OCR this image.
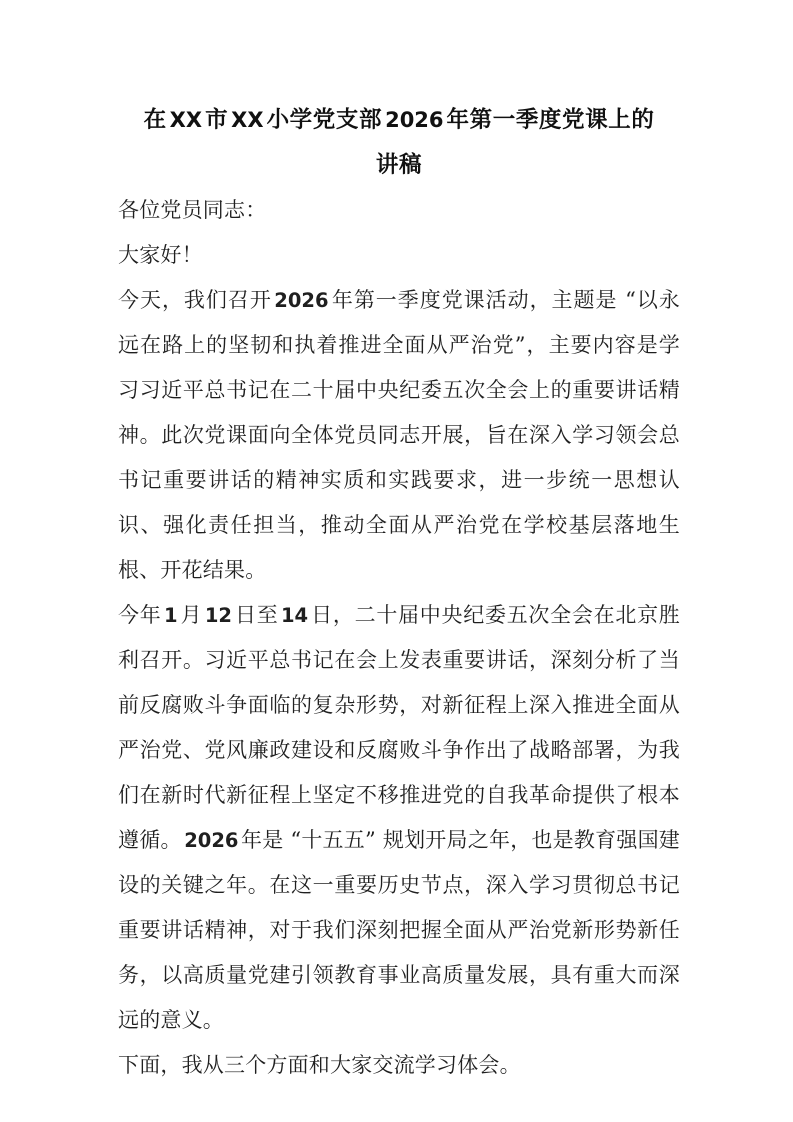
在 XX 市 XX 小学党支部 2026 年第一季度党课上的
讲稿

各位党员同志：

大家好！

今天，我们召开 2026 年第一季度党课活动，主题是 “以永远在路上的坚韧和执着推进全面从严治党”，主要内容是学习习近平总书记在二十届中央纪委五次全会上的重要讲话精神。此次党课面向全体党员同志开展，旨在深入学习领会总书记重要讲话的精神实质和实践要求，进一步统一思想认识、强化责任担当，推动全面从严治党在学校基层落地生根、开花结果。

今年 1 月 12 日至 14 日，二十届中央纪委五次全会在北京胜利召开。习近平总书记在会上发表重要讲话，深刻分析了当前反腐败斗争面临的复杂形势，对新征程上深入推进全面从严治党、党风廉政建设和反腐败斗争作出了战略部署，为我们在新时代新征程上坚定不移推进党的自我革命提供了根本遵循。 2026 年是 “十五五” 规划开局之年，也是教育强国建设的关键之年。在这一重要历史节点，深入学习贯彻总书记重要讲话精神，对于我们深刻把握全面从严治党新形势新任务，以高质量党建引领教育事业高质量发展，具有重大而深远的意义。

下面，我从三个方面和大家交流学习体会。
